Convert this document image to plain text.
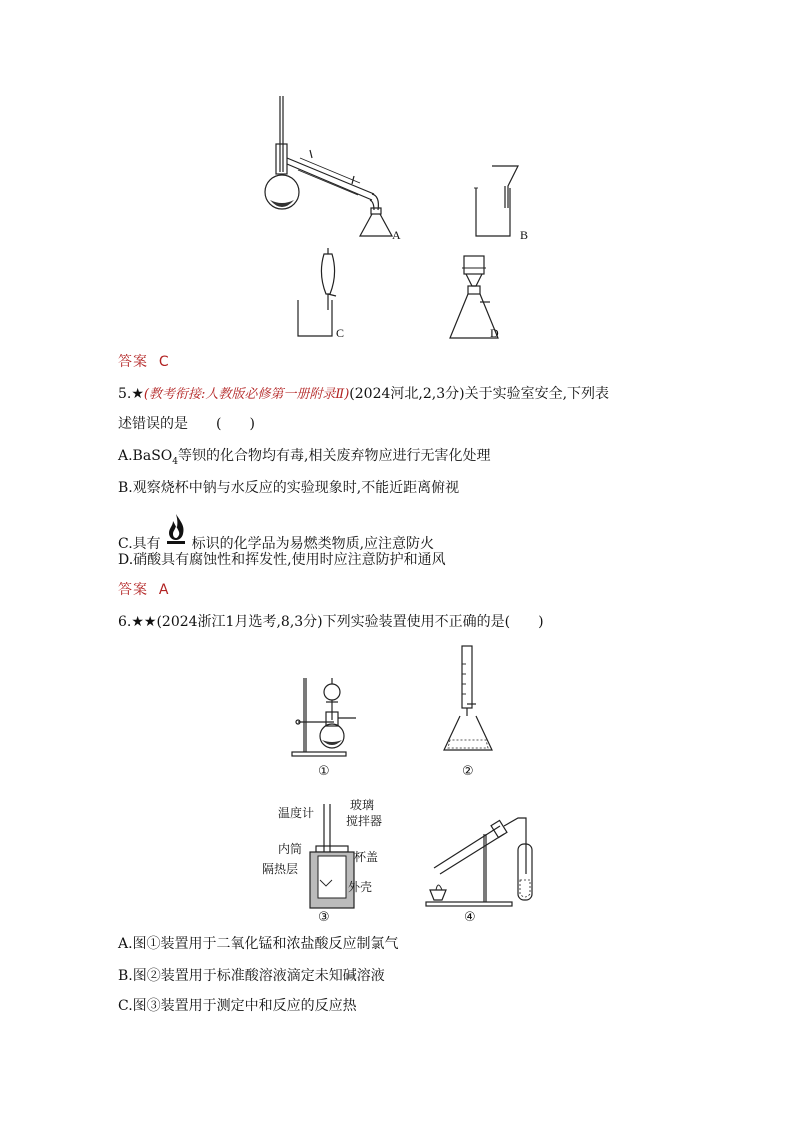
A	B
C	D
答案 C
5.★(教考衔接:人教版必修第一册附录Ⅱ)(2024河北,2,3分)关于实验室安全,下列表
述错误的是　　(　　)
A.BaSO$_4$等钡的化合物均有毒,相关废弃物应进行无害化处理
B.观察烧杯中钠与水反应的实验现象时,不能近距离俯视
C.具有 标识的化学品为易燃类物质,应注意防火
D.硝酸具有腐蚀性和挥发性,使用时应注意防护和通风
答案 A
6.★★(2024浙江1月选考,8,3分)下列实验装置使用不正确的是(　　)
①	②
温度计
玻璃
搅拌器
内筒
杯盖
隔热层
外壳
③	④
A.图①装置用于二氧化锰和浓盐酸反应制氯气
B.图②装置用于标准酸溶液滴定未知碱溶液
C.图③装置用于测定中和反应的反应热
